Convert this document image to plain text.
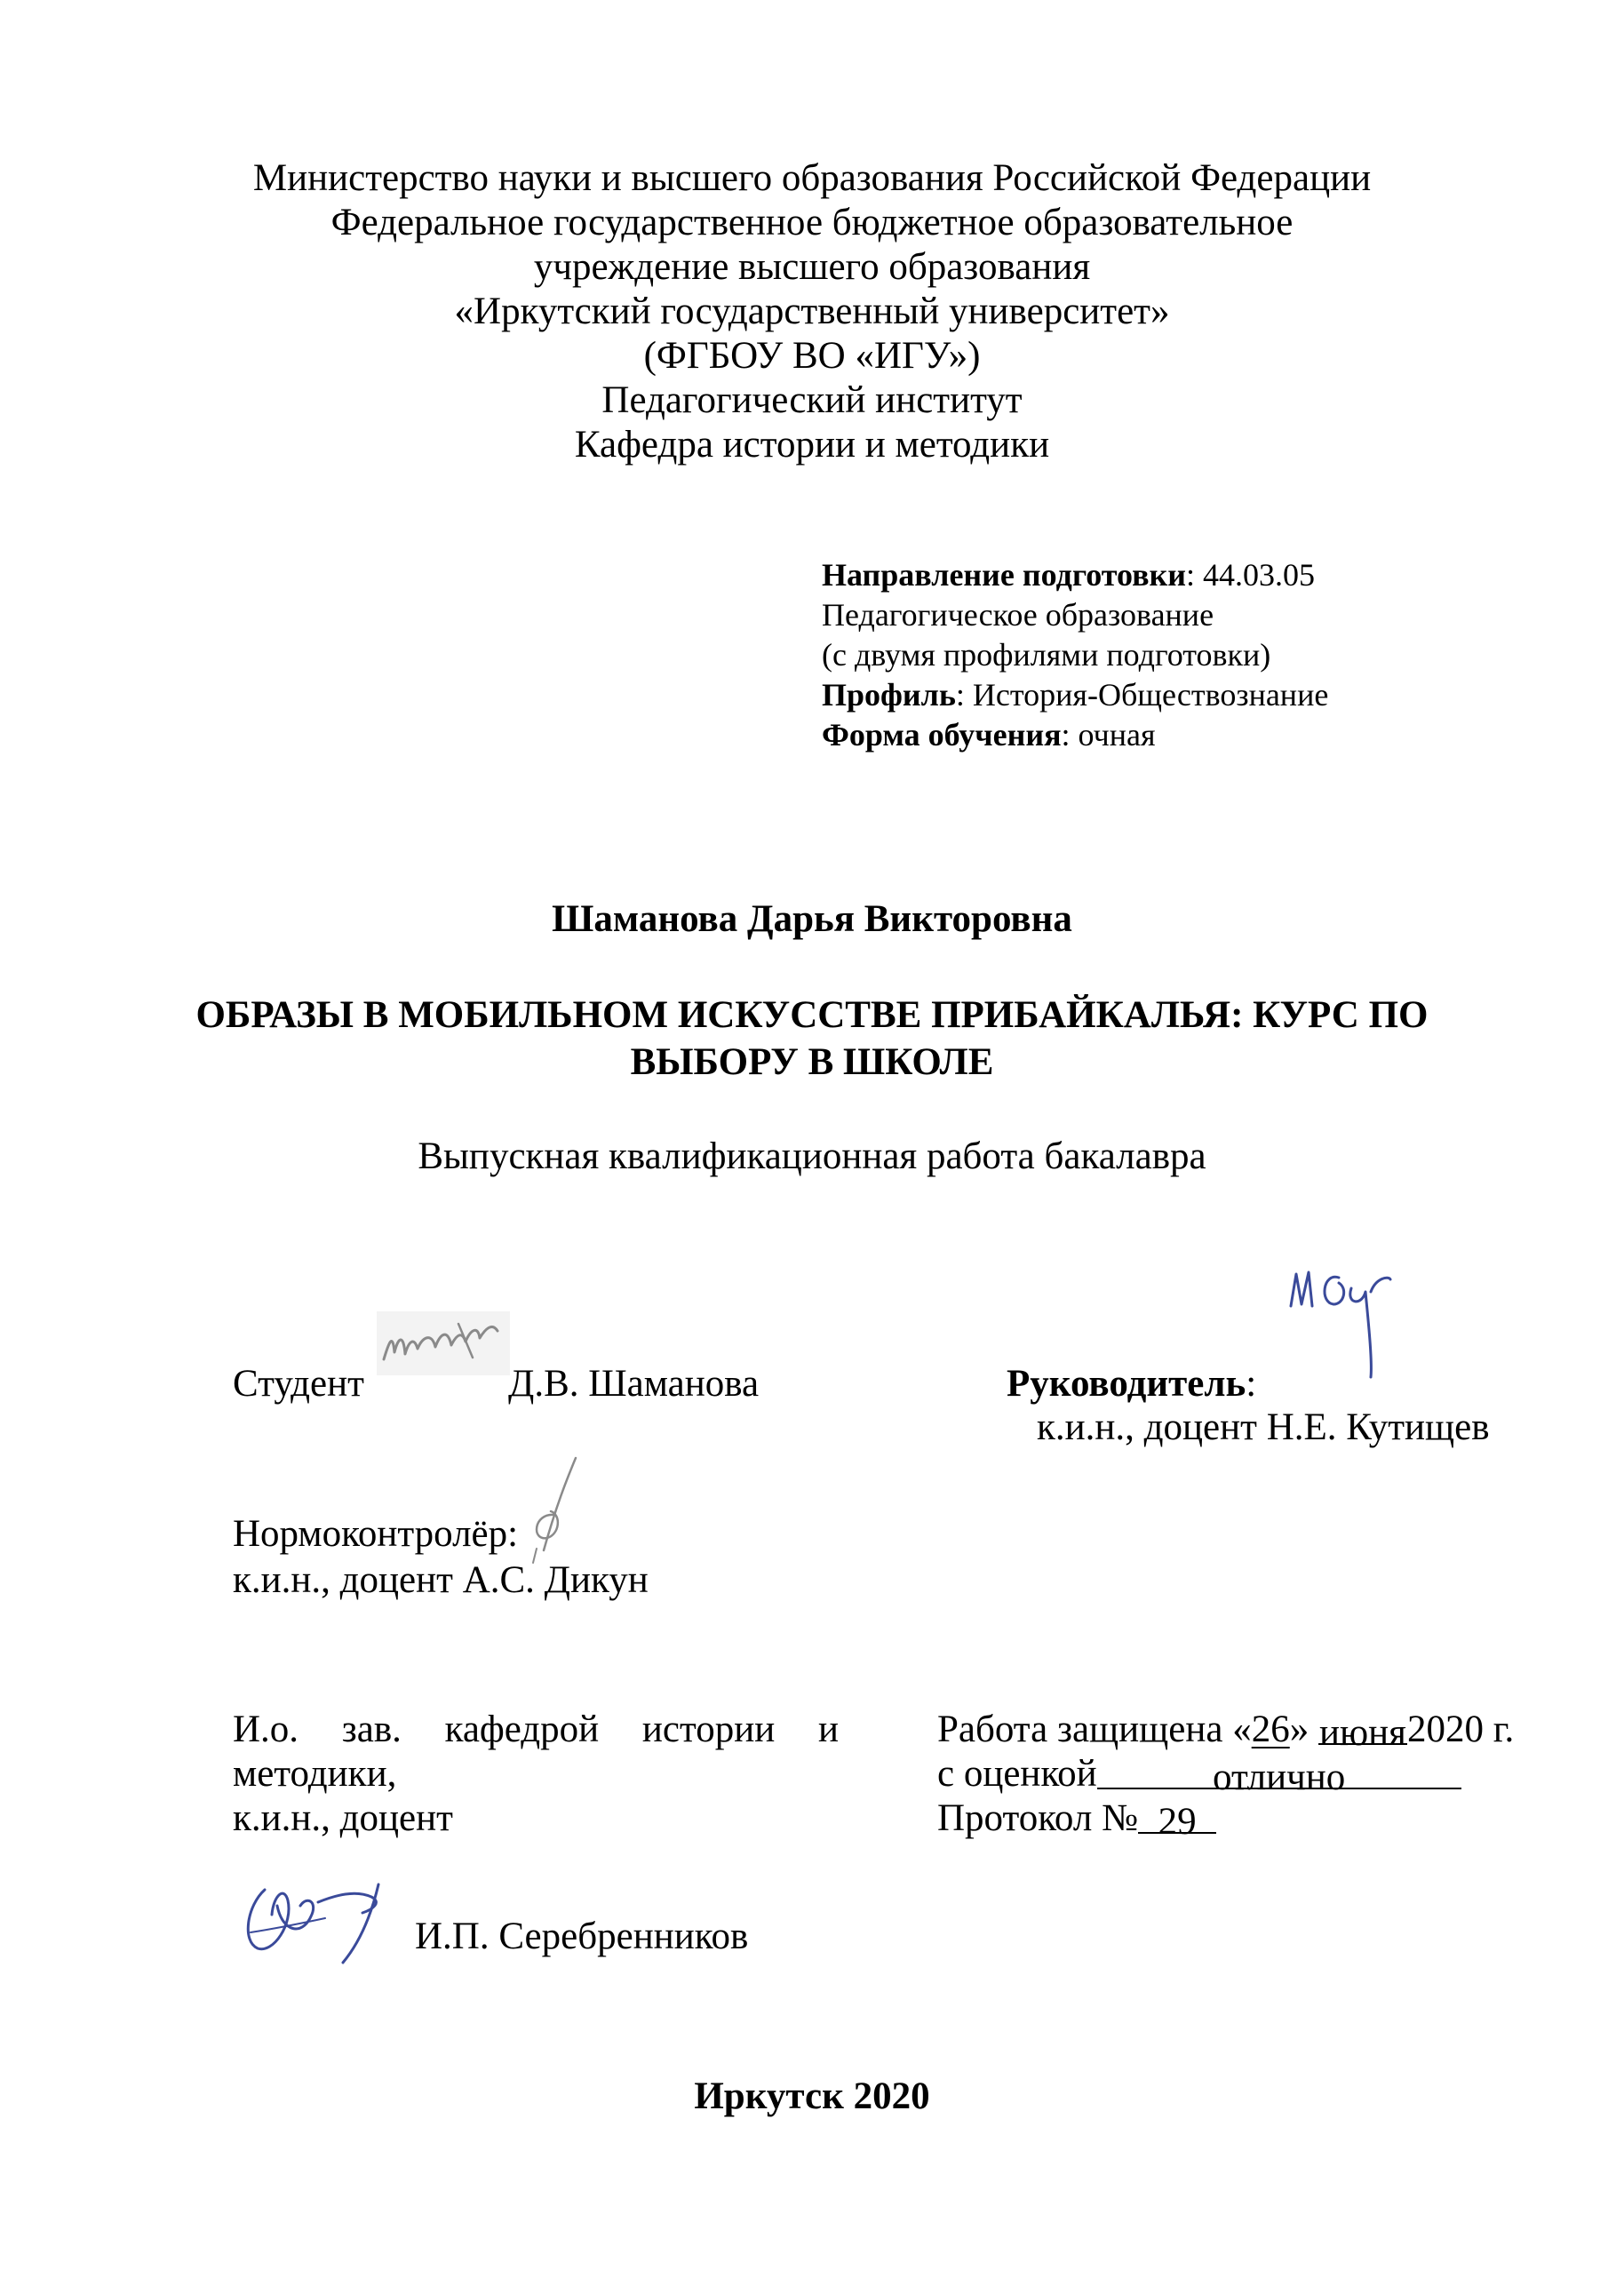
Министерство науки и высшего образования Российской Федерации
Федеральное государственное бюджетное образовательное
учреждение высшего образования
«Иркутский государственный университет»
(ФГБОУ ВО «ИГУ»)
Педагогический институт
Кафедра истории и методики
Направление подготовки: 44.03.05
Педагогическое образование
(с двумя профилями подготовки)
Профиль: История-Обществознание
Форма обучения: очная
Шаманова Дарья Викторовна
ОБРАЗЫ В МОБИЛЬНОМ ИСКУССТВЕ ПРИБАЙКАЛЬЯ: КУРС ПО
ВЫБОРУ В ШКОЛЕ
Выпускная квалификационная работа бакалавра
Студент	Д.В. Шаманова	Руководитель:
к.и.н., доцент Н.Е. Кутищев
Нормоконтролёр:
к.и.н., доцент А.С. Дикун
И.о. зав. кафедрой истории и
методики,
к.и.н., доцент
И.П. Серебренников
Работа защищена «26» июня2020 г.
с оценкой	отлично
Протокол № 29
Иркутск 2020
